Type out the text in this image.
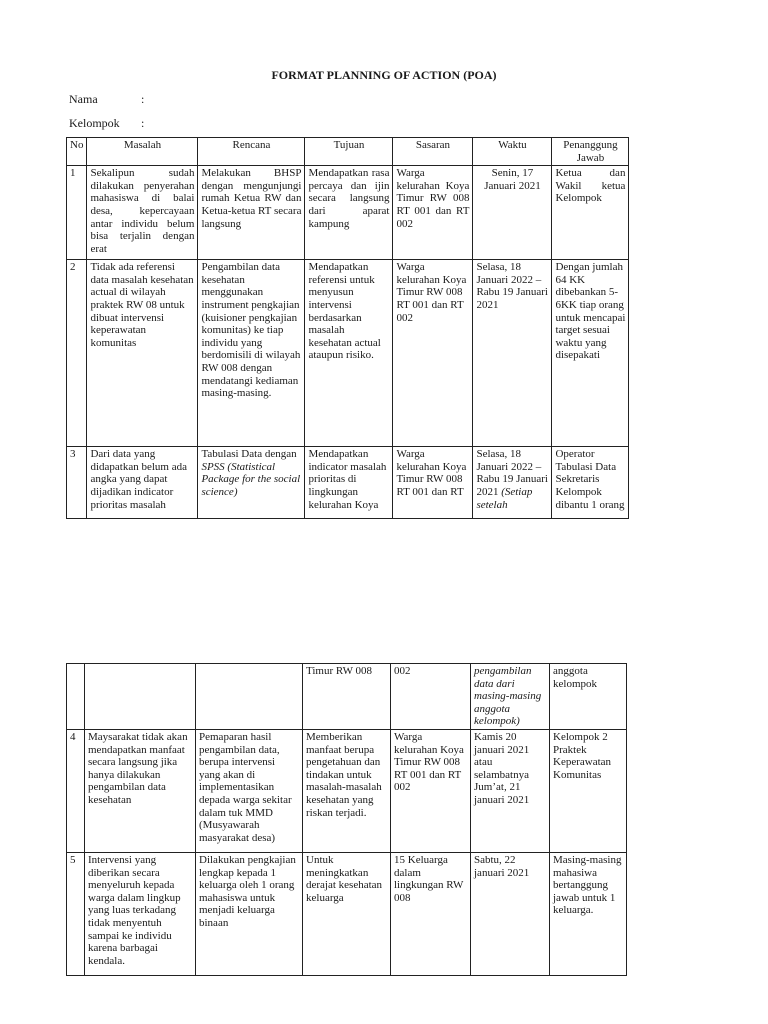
FORMAT PLANNING OF ACTION (POA)
Nama	:
Kelompok :
No	Masalah	Rencana	Tujuan	Sasaran	Waktu	Penanggung Jawab
1	Sekalipun sudah dilakukan penyerahan mahasiswa di balai desa, kepercayaan antar individu belum bisa terjalin dengan erat	Melakukan BHSP dengan mengunjungi rumah Ketua RW dan Ketua-ketua RT secara langsung	Mendapatkan rasa percaya dan ijin secara langsung dari aparat kampung	Warga kelurahan Koya Timur RW 008 RT 001 dan RT 002	Senin, 17 Januari 2021	Ketua dan Wakil ketua Kelompok
2	Tidak ada referensi data masalah kesehatan actual di wilayah praktek RW 08 untuk dibuat intervensi keperawatan komunitas	Pengambilan data kesehatan menggunakan instrument pengkajian (kuisioner pengkajian komunitas) ke tiap individu yang berdomisili di wilayah RW 008 dengan mendatangi kediaman masing-masing.	Mendapatkan referensi untuk menyusun intervensi berdasarkan masalah kesehatan actual ataupun risiko.	Warga kelurahan Koya Timur RW 008 RT 001 dan RT 002	Selasa, 18 Januari 2022 – Rabu 19 Januari 2021	Dengan jumlah 64 KK dibebankan 5-6KK tiap orang untuk mencapai target sesuai waktu yang disepakati
3	Dari data yang didapatkan belum ada angka yang dapat dijadikan indicator prioritas masalah	Tabulasi Data dengan SPSS (Statistical Package for the social science)	Mendapatkan indicator masalah prioritas di lingkungan kelurahan Koya	Warga kelurahan Koya Timur RW 008 RT 001 dan RT	Selasa, 18 Januari 2022 – Rabu 19 Januari 2021 (Setiap setelah	Operator Tabulasi Data Sekretaris Kelompok dibantu 1 orang
			Timur RW 008	002	pengambilan data dari masing-masing anggota kelompok)	anggota kelompok
4	Maysarakat tidak akan mendapatkan manfaat secara langsung jika hanya dilakukan pengambilan data kesehatan	Pemaparan hasil pengambilan data, berupa intervensi yang akan di implementasikan depada warga sekitar dalam tuk MMD (Musyawarah masyarakat desa)	Memberikan manfaat berupa pengetahuan dan tindakan untuk masalah-masalah kesehatan yang riskan terjadi.	Warga kelurahan Koya Timur RW 008 RT 001 dan RT 002	Kamis 20 januari 2021 atau selambatnya Jum’at, 21 januari 2021	Kelompok 2 Praktek Keperawatan Komunitas
5	Intervensi yang diberikan secara menyeluruh kepada warga dalam lingkup yang luas terkadang tidak menyentuh sampai ke individu karena barbagai kendala.	Dilakukan pengkajian lengkap kepada 1 keluarga oleh 1 orang mahasiswa untuk menjadi keluarga binaan	Untuk meningkatkan derajat kesehatan keluarga	15 Keluarga dalam lingkungan RW 008	Sabtu, 22 januari 2021	Masing-masing mahasiwa bertanggung jawab untuk 1 keluarga.
